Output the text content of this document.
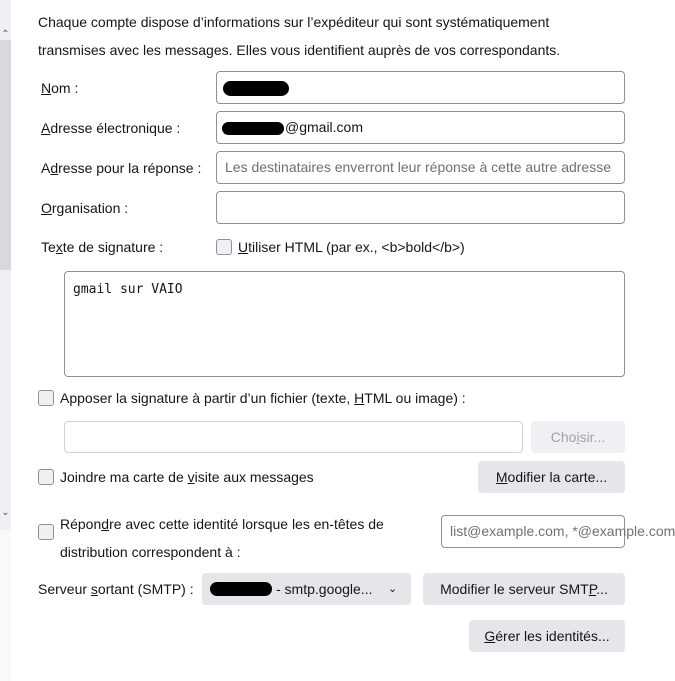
⌃
⌄
Chaque compte dispose d’informations sur l’expéditeur qui sont systématiquement
transmises avec les messages. Elles vous identifient auprès de vos correspondants.
Nom :
Adresse électronique :	@gmail.com
Adresse pour la réponse :	Les destinataires enverront leur réponse à cette autre adresse
Organisation :
Texte de signature :	Utiliser HTML (par ex., <b>bold</b>)
gmail sur VAIO
Apposer la signature à partir d’un fichier (texte, HTML ou image) :
Choisir...
Joindre ma carte de visite aux messages	Modifier la carte...
Répondre avec cette identité lorsque les en-têtes de
distribution correspondent à :
list@example.com, *@example.com
Serveur sortant (SMTP) :	- smtp.google... ⌄	Modifier le serveur SMTP...
Gérer les identités...
